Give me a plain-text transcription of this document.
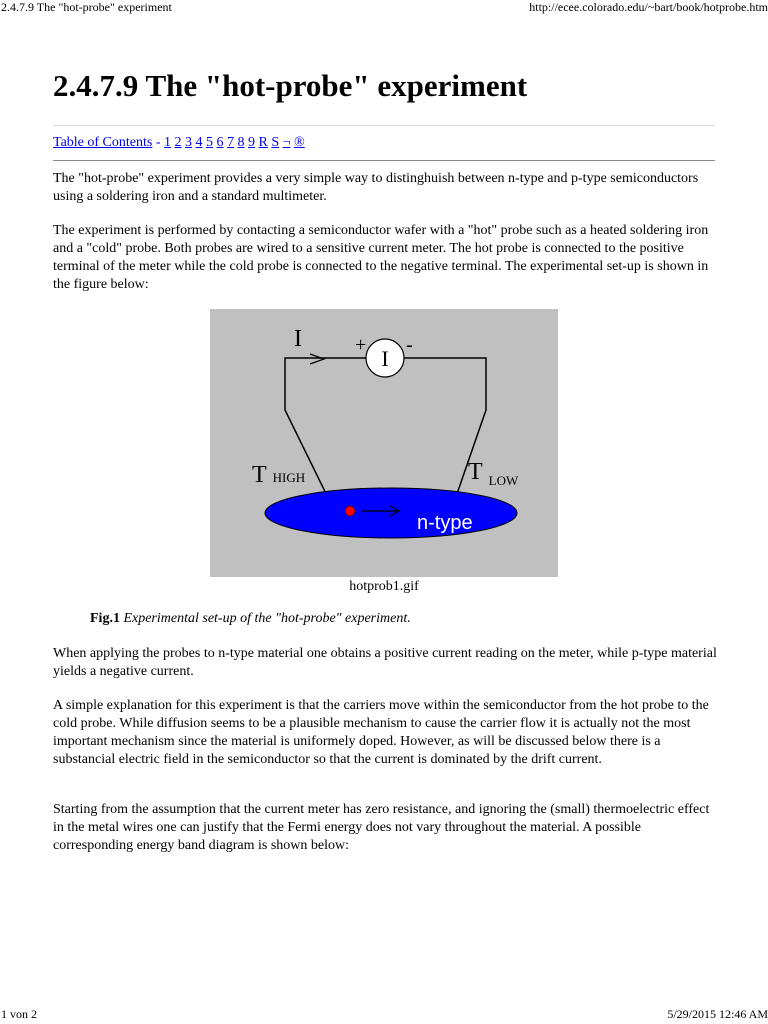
2.4.7.9 The "hot-probe" experiment	http://ecee.colorado.edu/~bart/book/hotprobe.htm
2.4.7.9 The "hot-probe" experiment
Table of Contents - 1 2 3 4 5 6 7 8 9 R S ¬ ®

The "hot-probe" experiment provides a very simple way to distinghuish between n-type and p-type semiconductors using a soldering iron and a standard multimeter.

The experiment is performed by contacting a semiconductor wafer with a "hot" probe such as a heated soldering iron and a "cold" probe. Both probes are wired to a sensitive current meter. The hot probe is connected to the positive terminal of the meter while the cold probe is connected to the negative terminal. The experimental set-up is shown in the figure below:

I
I
+ -
THIGH	T $_{LOW}$
n-type
hotprob1.gif
Fig.1 Experimental set-up of the "hot-probe" experiment.

When applying the probes to n-type material one obtains a positive current reading on the meter, while p-type material yields a negative current.

A simple explanation for this experiment is that the carriers move within the semiconductor from the hot probe to the cold probe. While diffusion seems to be a plausible mechanism to cause the carrier flow it is actually not the most important mechanism since the material is uniformely doped. However, as will be discussed below there is a substancial electric field in the semiconductor so that the current is dominated by the drift current.

Starting from the assumption that the current meter has zero resistance, and ignoring the (small) thermoelectric effect in the metal wires one can justify that the Fermi energy does not vary throughout the material. A possible corresponding energy band diagram is shown below:

1 von 2	5/29/2015 12:46 AM
